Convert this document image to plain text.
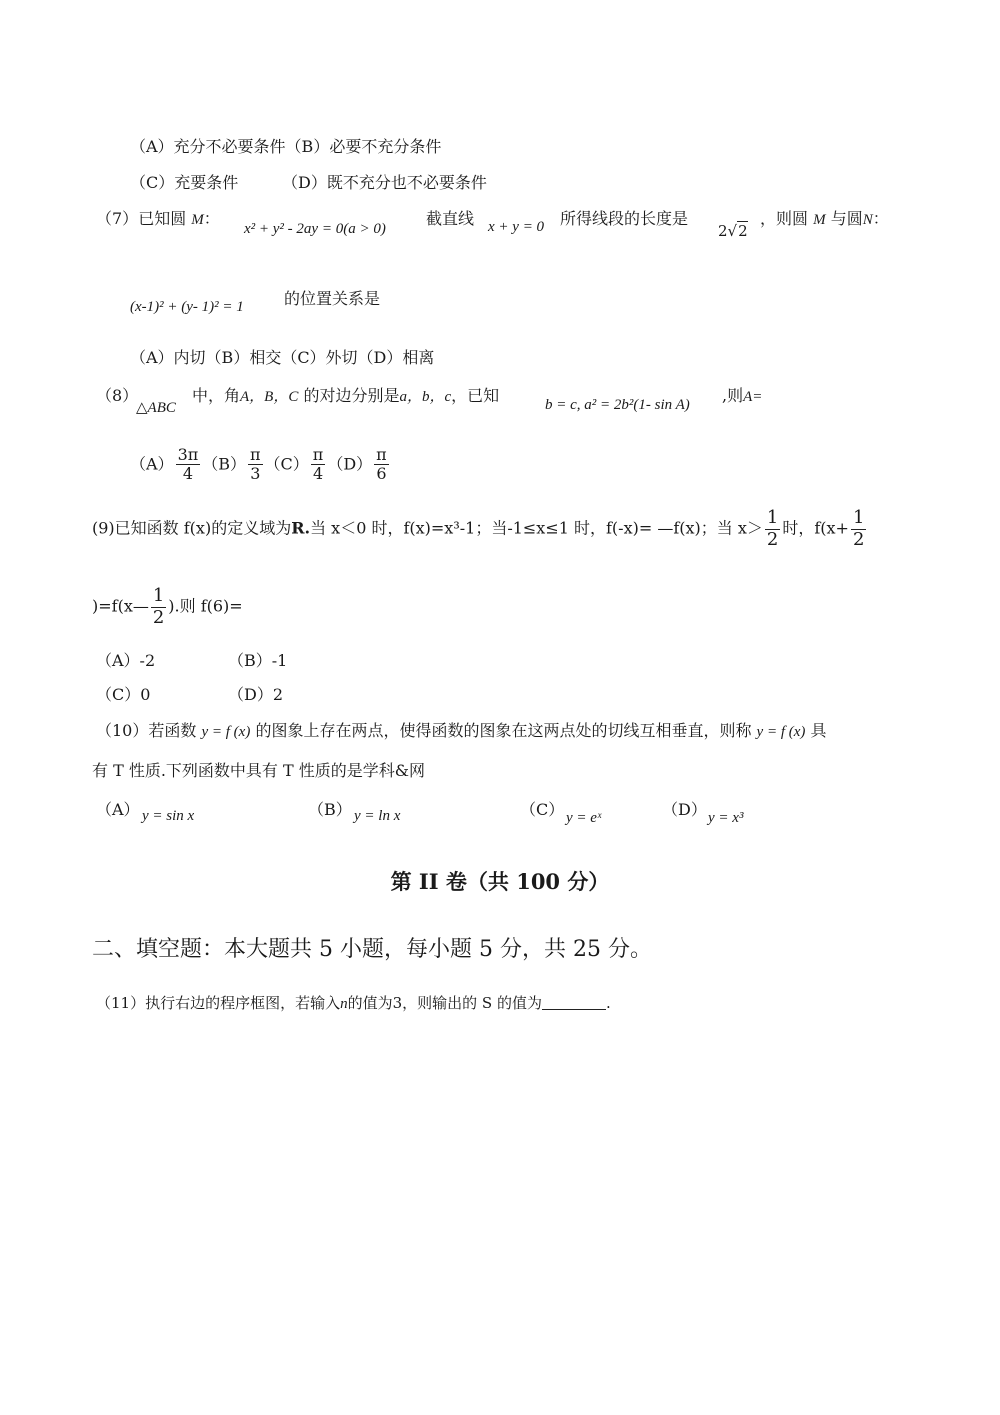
（A）充分不必要条件（B）必要不充分条件
（C）充要条件	（D）既不充分也不必要条件
（7）已知圆 M：
x² + y² - 2ay = 0(a > 0)
截直线 x + y = 0 所得线段的长度是
2√2
，则圆 M 与圆N：
(x-1)² + (y- 1)² = 1	的位置关系是
（A）内切（B）相交（C）外切（D）相离
（8）
△ABC
中，角A，B，C 的对边分别是a，b，c，已知	b = c, a² = 2b²(1- sin A) ,则A=
$(A) \frac{3\pi}{4} (B) \frac{\pi}{3} (C) \frac{\pi}{4} (D) \frac{\pi}{6}$
(9)已知函数 f(x)的定义域为R.当 x＜0 时，f(x)=x³-1；当-1≤x≤1 时，f(-x)= —f(x)；当 $x> \frac{1}{2}$ 时，$f(x+ \frac{1}{2}$
)=f(x— $\frac{1}{2}$ ).则 f(6)=
（A）-2	（B）-1
（C）0	（D）2
（10）若函数 y = f (x) 的图象上存在两点，使得函数的图象在这两点处的切线互相垂直，则称 y = f (x) 具
有 T 性质.下列函数中具有 T 性质的是学科&网
（A） y = sin x	（B） y = ln x	（C） y = eˣ	（D） y = x³
第 II 卷（共 100 分）
二、填空题：本大题共 5 小题，每小题 5 分，共 25 分。
（11）执行右边的程序框图，若输入n的值为3，则输出的 S 的值为	.
